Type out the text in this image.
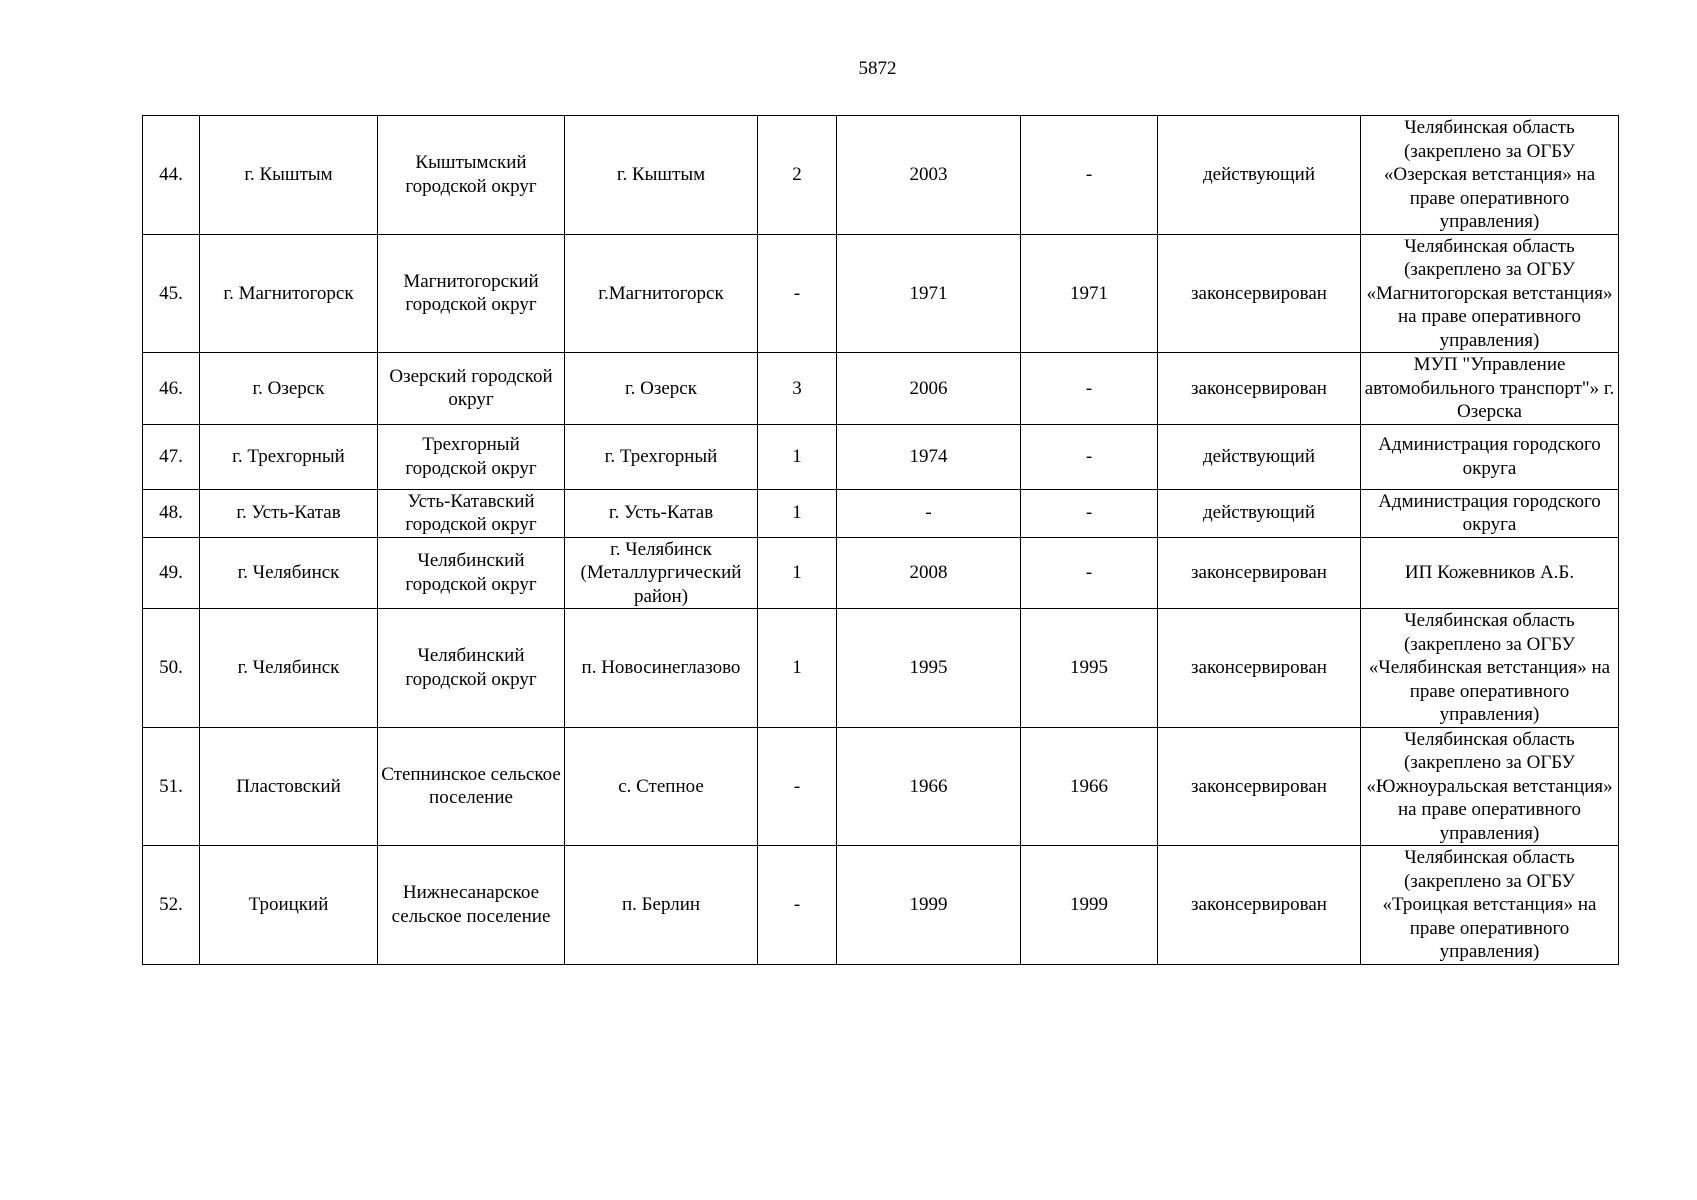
5872
44.	г. Кыштым	Кыштымский городской округ	г. Кыштым	2	2003	-	действующий	Челябинская область (закреплено за ОГБУ «Озерская ветстанция» на праве оперативного управления)
45.	г. Магнитогорск	Магнитогорский городской округ	г.Магнитогорск	-	1971	1971	законсервирован	Челябинская область (закреплено за ОГБУ «Магнитогорская ветстанция» на праве оперативного управления)
46.	г. Озерск	Озерский городской округ	г. Озерск	3	2006	-	законсервирован	МУП "Управление автомобильного транспорт"» г. Озерска
47.	г. Трехгорный	Трехгорный городской округ	г. Трехгорный	1	1974	-	действующий	Администрация городского округа
48.	г. Усть-Катав	Усть-Катавский городской округ	г. Усть-Катав	1	-	-	действующий	Администрация городского округа
49.	г. Челябинск	Челябинский городской округ	г. Челябинск (Металлургический район)	1	2008	-	законсервирован	ИП Кожевников А.Б.
50.	г. Челябинск	Челябинский городской округ	п. Новосинеглазово	1	1995	1995	законсервирован	Челябинская область (закреплено за ОГБУ «Челябинская ветстанция» на праве оперативного управления)
51.	Пластовский	Степнинское сельское поселение	с. Степное	-	1966	1966	законсервирован	Челябинская область (закреплено за ОГБУ «Южноуральская ветстанция» на праве оперативного управления)
52.	Троицкий	Нижнесанарское сельское поселение	п. Берлин	-	1999	1999	законсервирован	Челябинская область (закреплено за ОГБУ «Троицкая ветстанция» на праве оперативного управления)
